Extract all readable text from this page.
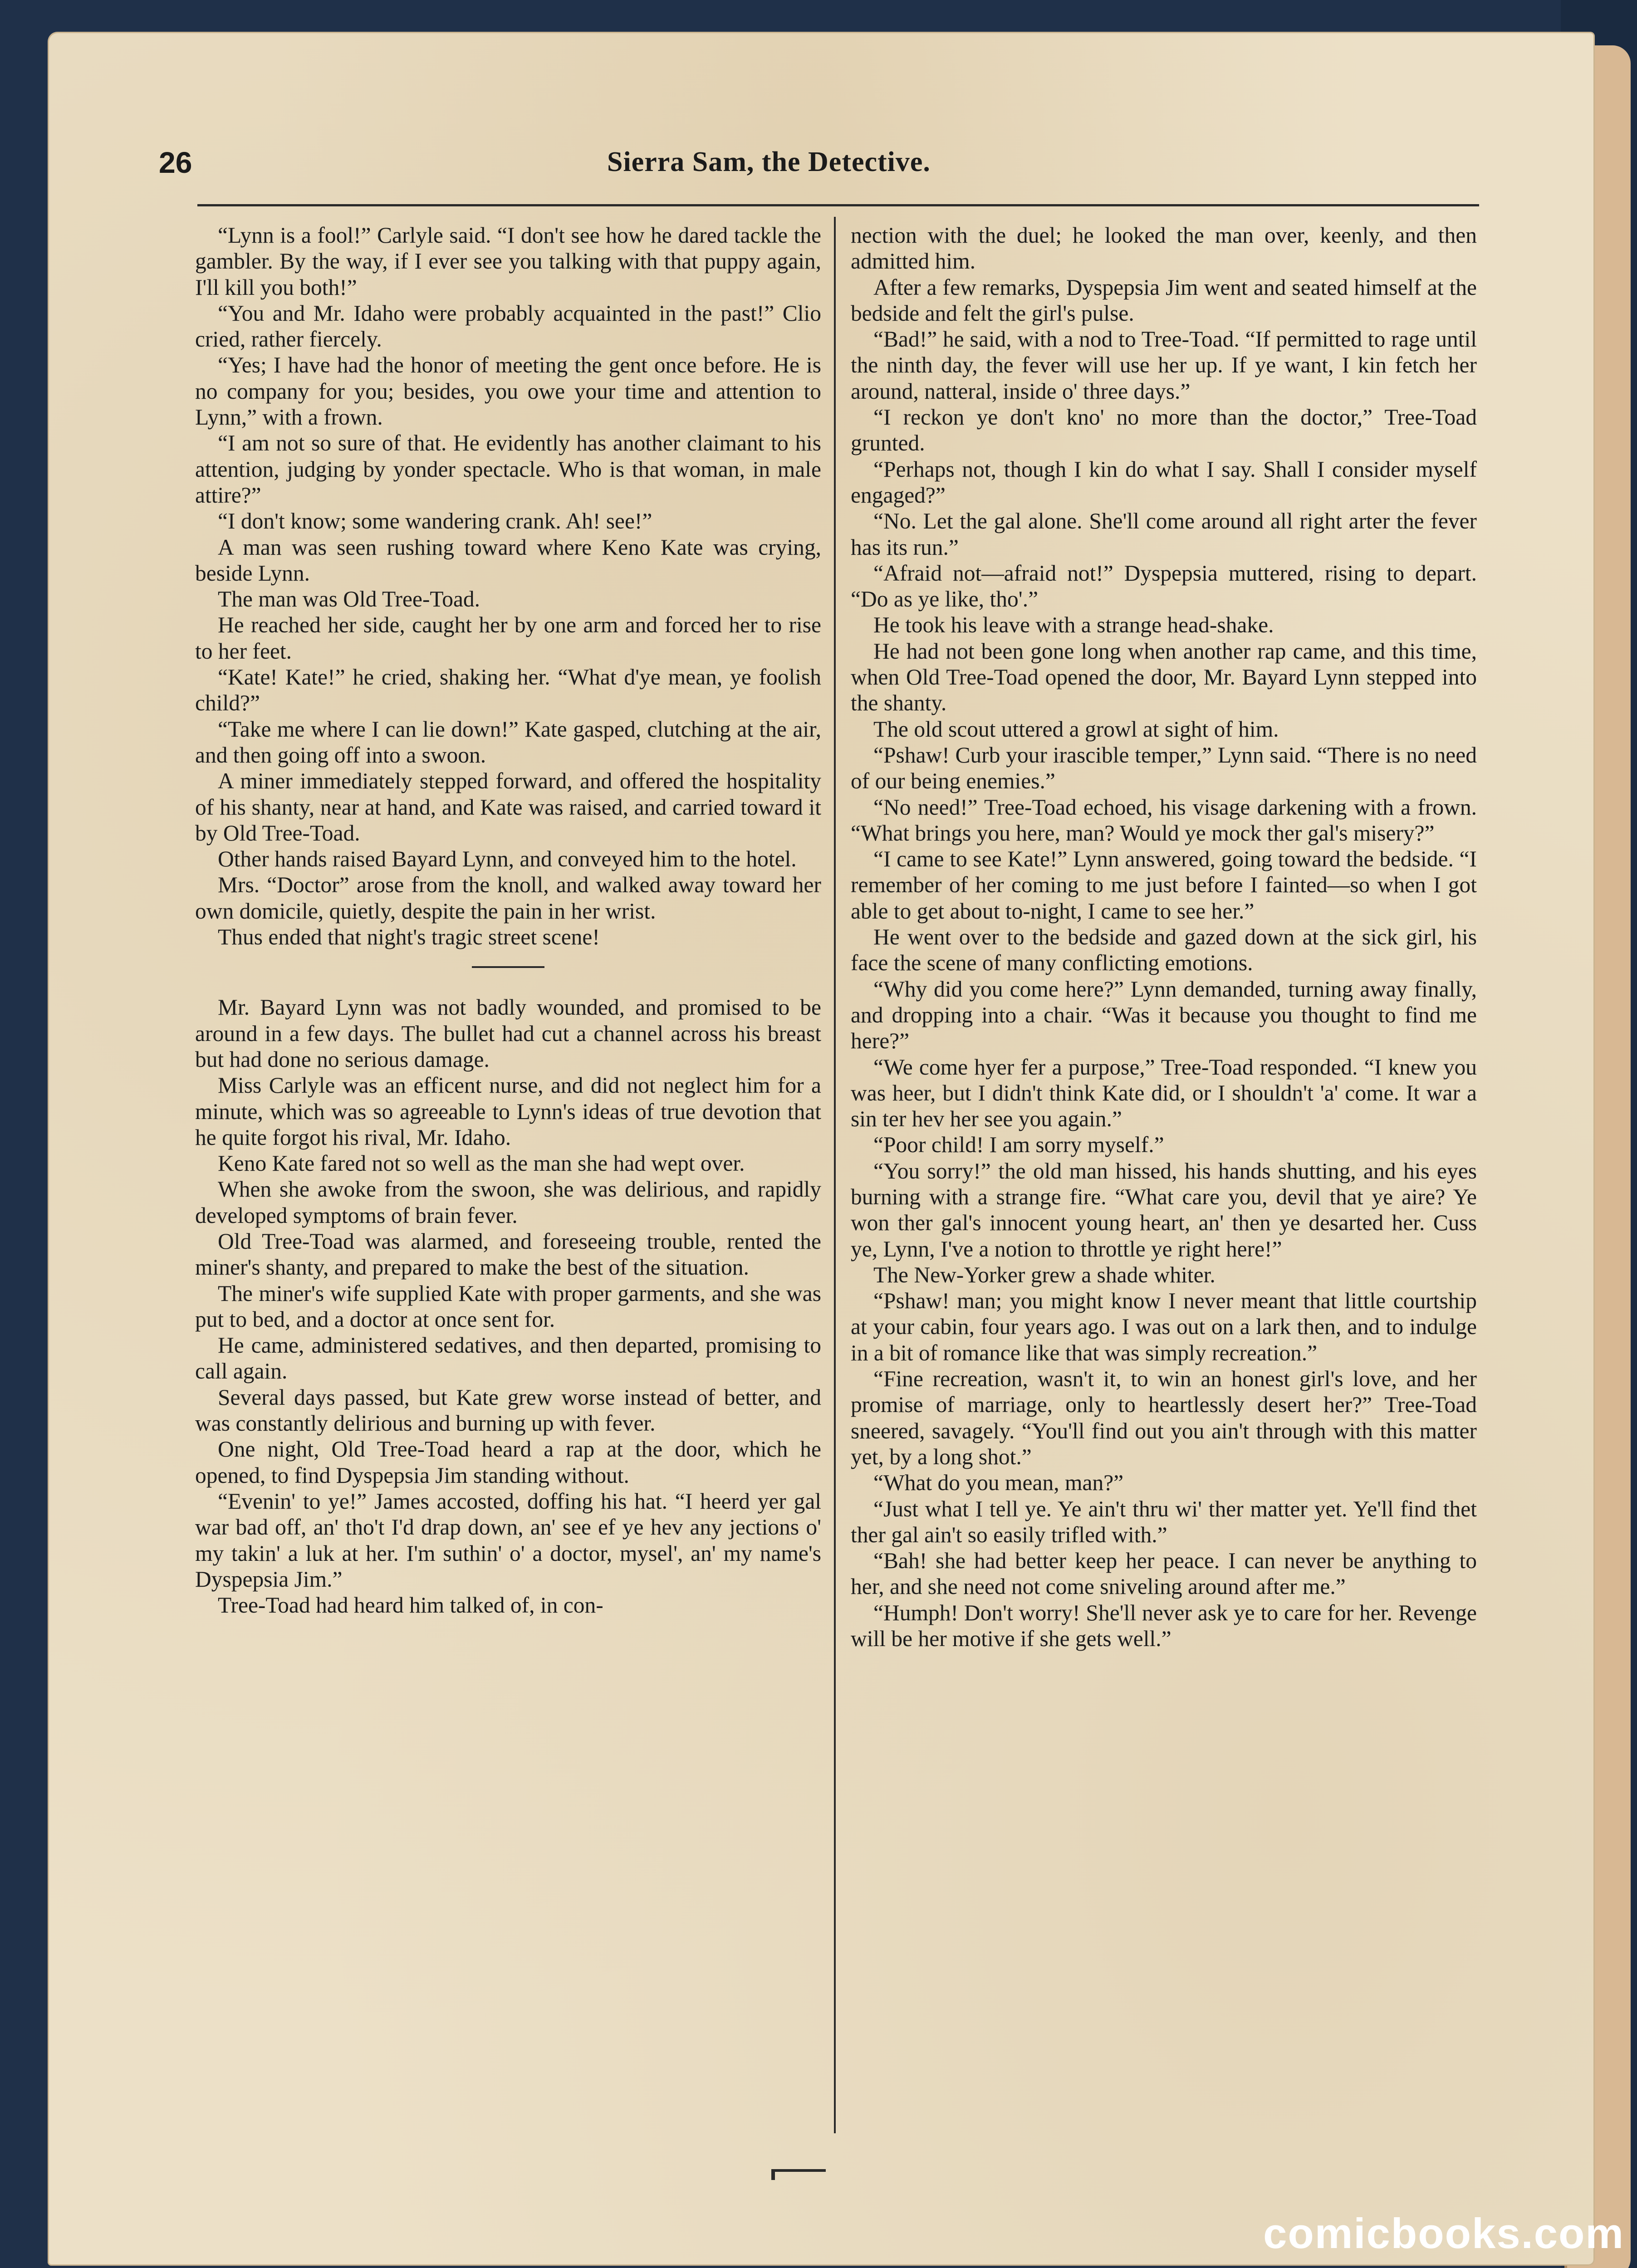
26	Sierra Sam, the Detective.

“Lynn is a fool!” Carlyle said. “I don't see how he dared tackle the gambler. By the way, if I ever see you talking with that puppy again, I'll kill you both!”

“You and Mr. Idaho were probably acquainted in the past!” Clio cried, rather fiercely.

“Yes; I have had the honor of meeting the gent once before. He is no company for you; besides, you owe your time and attention to Lynn,” with a frown.

“I am not so sure of that. He evidently has another claimant to his attention, judging by yonder spectacle. Who is that woman, in male attire?”

“I don't know; some wandering crank. Ah! see!”

A man was seen rushing toward where Keno Kate was crying, beside Lynn.

The man was Old Tree-Toad.

He reached her side, caught her by one arm and forced her to rise to her feet.

“Kate! Kate!” he cried, shaking her. “What d'ye mean, ye foolish child?”

“Take me where I can lie down!” Kate gasped, clutching at the air, and then going off into a swoon.

A miner immediately stepped forward, and offered the hospitality of his shanty, near at hand, and Kate was raised, and carried toward it by Old Tree-Toad.

Other hands raised Bayard Lynn, and conveyed him to the hotel.

Mrs. “Doctor” arose from the knoll, and walked away toward her own domicile, quietly, despite the pain in her wrist.

Thus ended that night's tragic street scene!

Mr. Bayard Lynn was not badly wounded, and promised to be around in a few days. The bullet had cut a channel across his breast but had done no serious damage.

Miss Carlyle was an efficent nurse, and did not neglect him for a minute, which was so agreeable to Lynn's ideas of true devotion that he quite forgot his rival, Mr. Idaho.

Keno Kate fared not so well as the man she had wept over.

When she awoke from the swoon, she was delirious, and rapidly developed symptoms of brain fever.

Old Tree-Toad was alarmed, and foreseeing trouble, rented the miner's shanty, and prepared to make the best of the situation.

The miner's wife supplied Kate with proper garments, and she was put to bed, and a doctor at once sent for.

He came, administered sedatives, and then departed, promising to call again.

Several days passed, but Kate grew worse instead of better, and was constantly delirious and burning up with fever.

One night, Old Tree-Toad heard a rap at the door, which he opened, to find Dyspepsia Jim standing without.

“Evenin' to ye!” James accosted, doffing his hat. “I heerd yer gal war bad off, an' tho't I'd drap down, an' see ef ye hev any jections o' my takin' a luk at her. I'm suthin' o' a doctor, mysel', an' my name's Dyspepsia Jim.”

Tree-Toad had heard him talked of, in con-

nection with the duel; he looked the man over, keenly, and then admitted him.

After a few remarks, Dyspepsia Jim went and seated himself at the bedside and felt the girl's pulse.

“Bad!” he said, with a nod to Tree-Toad. “If permitted to rage until the ninth day, the fever will use her up. If ye want, I kin fetch her around, natteral, inside o' three days.”

“I reckon ye don't kno' no more than the doctor,” Tree-Toad grunted.

“Perhaps not, though I kin do what I say. Shall I consider myself engaged?”

“No. Let the gal alone. She'll come around all right arter the fever has its run.”

“Afraid not—afraid not!” Dyspepsia muttered, rising to depart. “Do as ye like, tho'.”

He took his leave with a strange head-shake.

He had not been gone long when another rap came, and this time, when Old Tree-Toad opened the door, Mr. Bayard Lynn stepped into the shanty.

The old scout uttered a growl at sight of him.

“Pshaw! Curb your irascible temper,” Lynn said. “There is no need of our being enemies.”

“No need!” Tree-Toad echoed, his visage darkening with a frown. “What brings you here, man? Would ye mock ther gal's misery?”

“I came to see Kate!” Lynn answered, going toward the bedside. “I remember of her coming to me just before I fainted—so when I got able to get about to-night, I came to see her.”

He went over to the bedside and gazed down at the sick girl, his face the scene of many conflicting emotions.

“Why did you come here?” Lynn demanded, turning away finally, and dropping into a chair. “Was it because you thought to find me here?”

“We come hyer fer a purpose,” Tree-Toad responded. “I knew you was heer, but I didn't think Kate did, or I shouldn't 'a' come. It war a sin ter hev her see you again.”

“Poor child! I am sorry myself.”

“You sorry!” the old man hissed, his hands shutting, and his eyes burning with a strange fire. “What care you, devil that ye aire? Ye won ther gal's innocent young heart, an' then ye desarted her. Cuss ye, Lynn, I've a notion to throttle ye right here!”

The New-Yorker grew a shade whiter.

“Pshaw! man; you might know I never meant that little courtship at your cabin, four years ago. I was out on a lark then, and to indulge in a bit of romance like that was simply recreation.”

“Fine recreation, wasn't it, to win an honest girl's love, and her promise of marriage, only to heartlessly desert her?” Tree-Toad sneered, savagely. “You'll find out you ain't through with this matter yet, by a long shot.”

“What do you mean, man?”

“Just what I tell ye. Ye ain't thru wi' ther matter yet. Ye'll find thet ther gal ain't so easily trifled with.”

“Bah! she had better keep her peace. I can never be anything to her, and she need not come sniveling around after me.”

“Humph! Don't worry! She'll never ask ye to care for her. Revenge will be her motive if she gets well.”

comicbooks.com
